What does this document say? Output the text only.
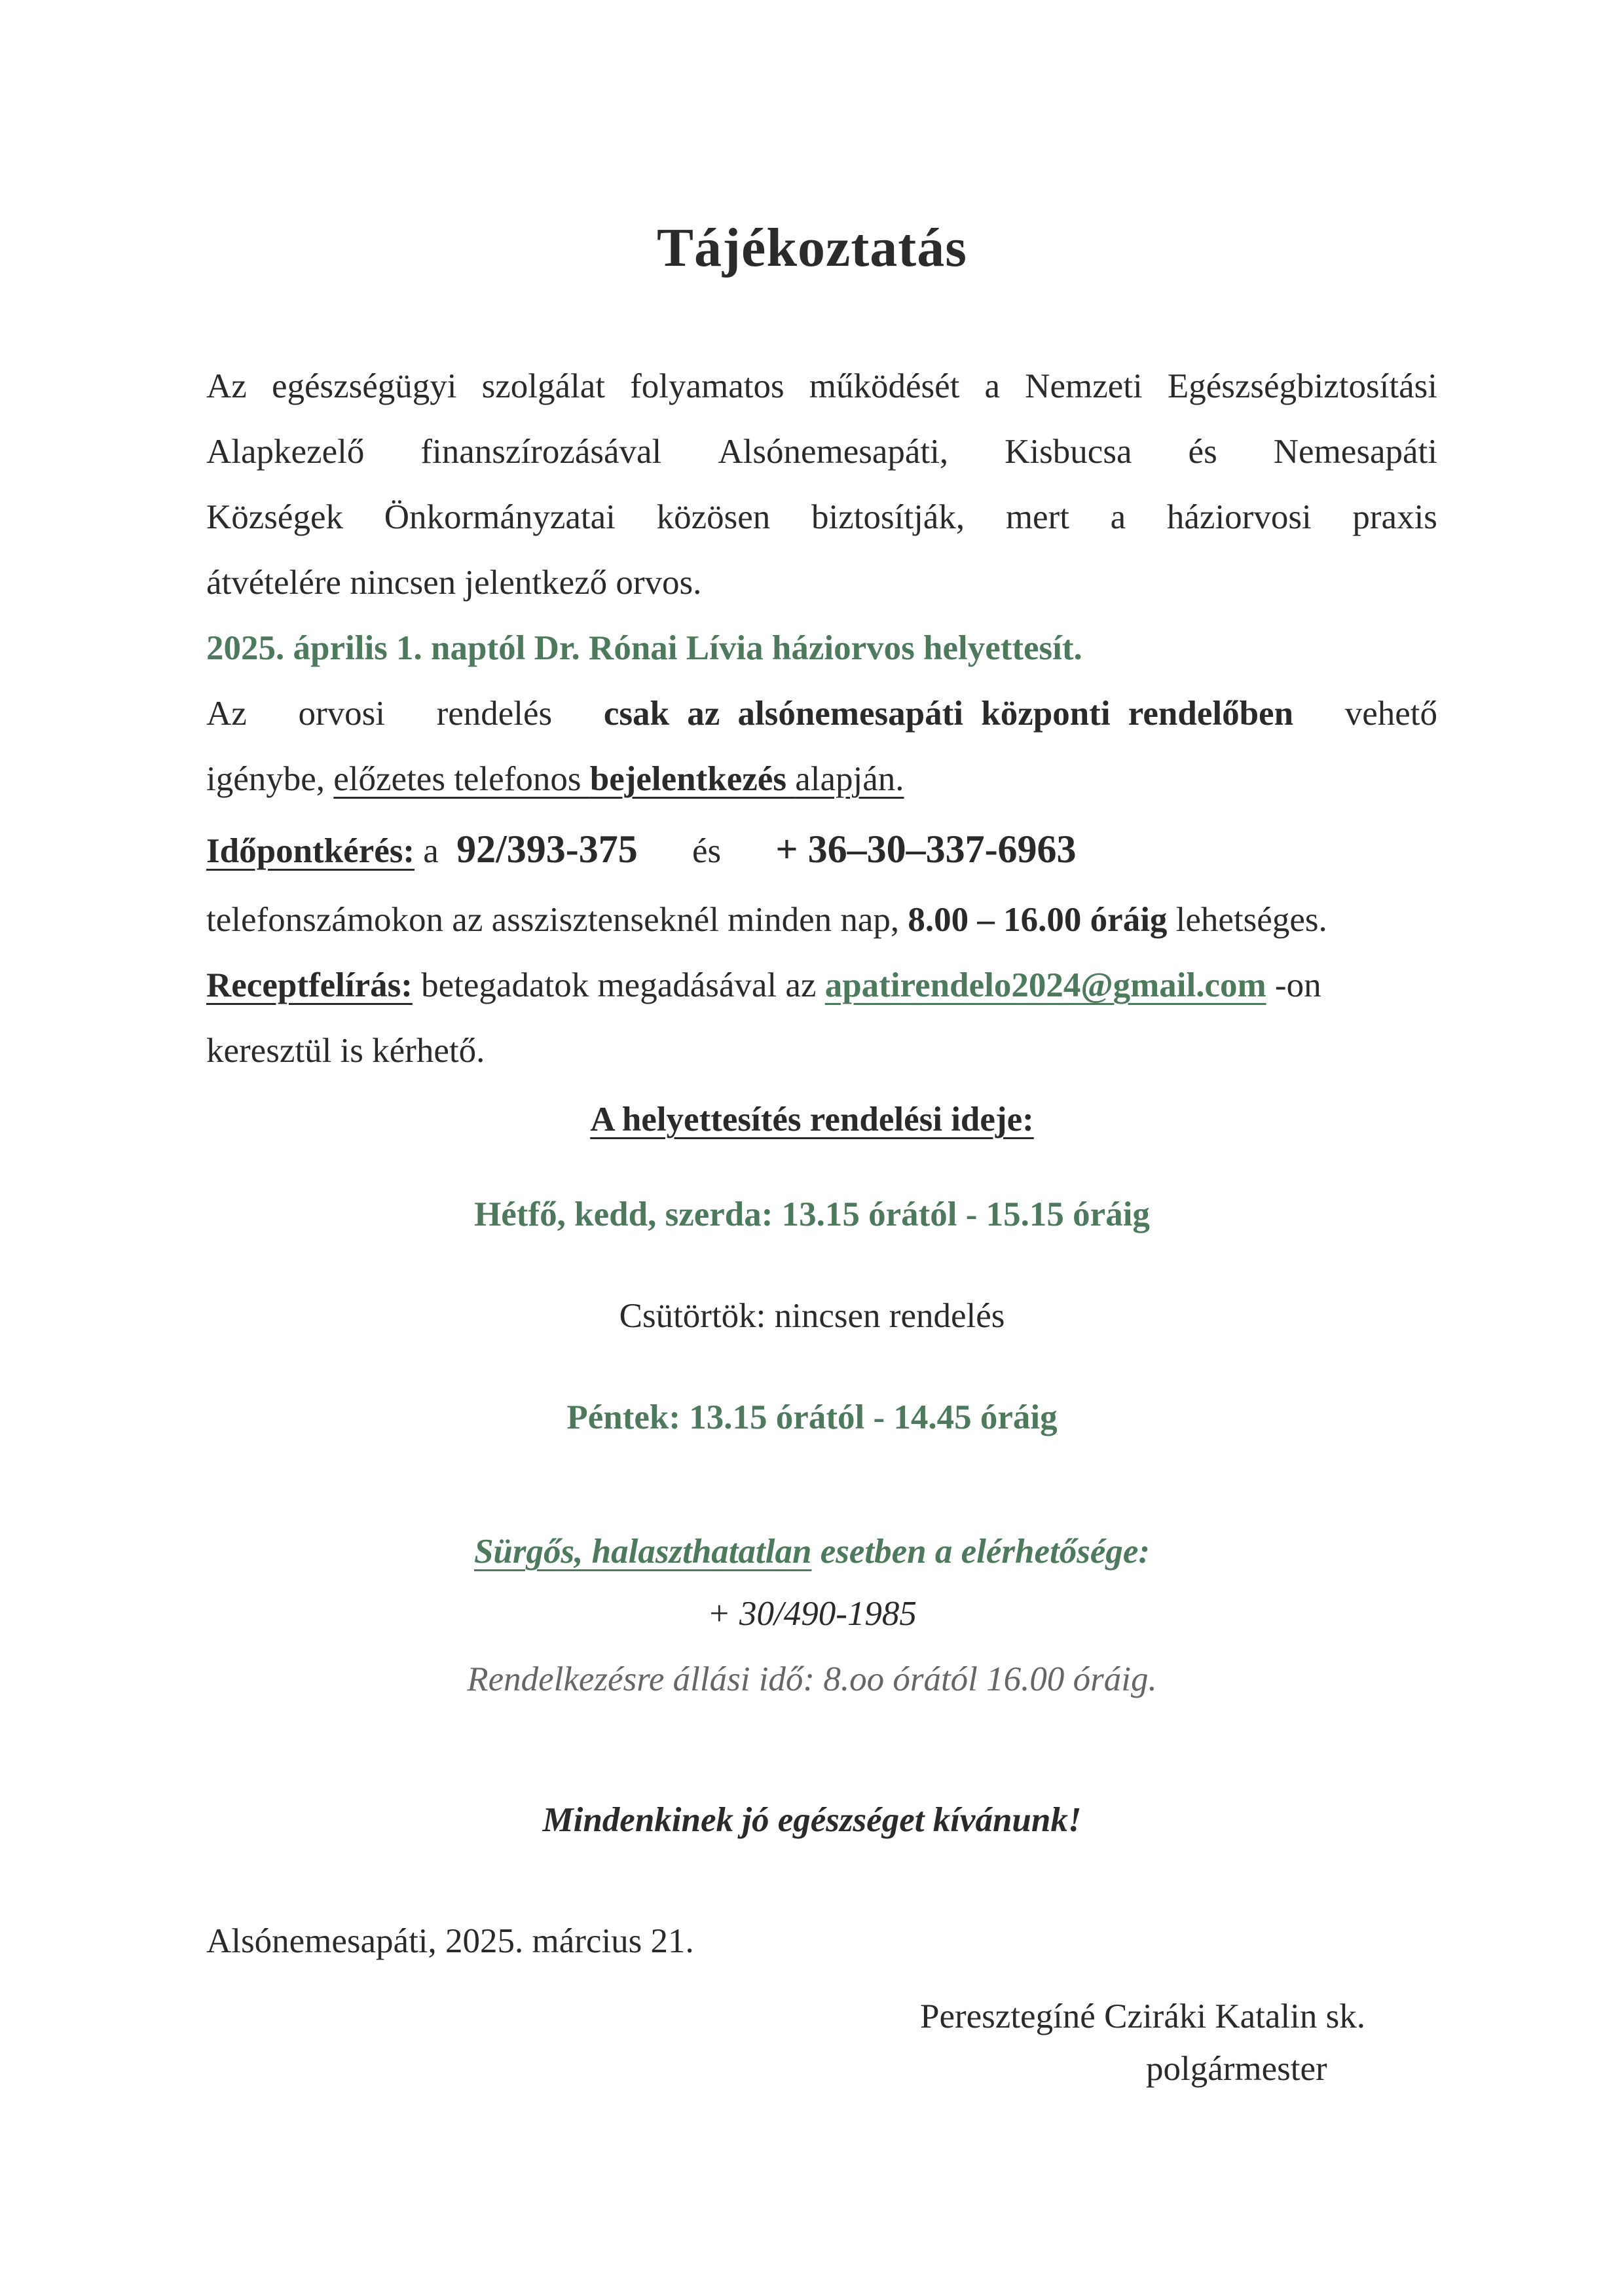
Tájékoztatás
Az egészségügyi szolgálat folyamatos működését a Nemzeti Egészségbiztosítási
Alapkezelő finanszírozásával Alsónemesapáti, Kisbucsa és Nemesapáti
Községek Önkormányzatai közösen biztosítják, mert a háziorvosi praxis
átvételére nincsen jelentkező orvos.
2025. április 1. naptól Dr. Rónai Lívia háziorvos helyettesít.
Az orvosi rendelés csak az alsónemesapáti központi rendelőben vehető
igénybe, előzetes telefonos bejelentkezés alapján.
Időpontkérés: a 92/393-375 és + 36–30–337-6963
telefonszámokon az asszisztenseknél minden nap, 8.00 – 16.00 óráig lehetséges.
Receptfelírás: betegadatok megadásával az apatirendelo2024@gmail.com -on
keresztül is kérhető.
A helyettesítés rendelési ideje:
Hétfő, kedd, szerda: 13.15 órától - 15.15 óráig
Csütörtök: nincsen rendelés
Péntek: 13.15 órától - 14.45 óráig
Sürgős, halaszthatatlan esetben a elérhetősége:
+ 30/490-1985
Rendelkezésre állási idő: 8.oo órától 16.00 óráig.
Mindenkinek jó egészséget kívánunk!
Alsónemesapáti, 2025. március 21.
Peresztegíné Cziráki Katalin sk.
polgármester
